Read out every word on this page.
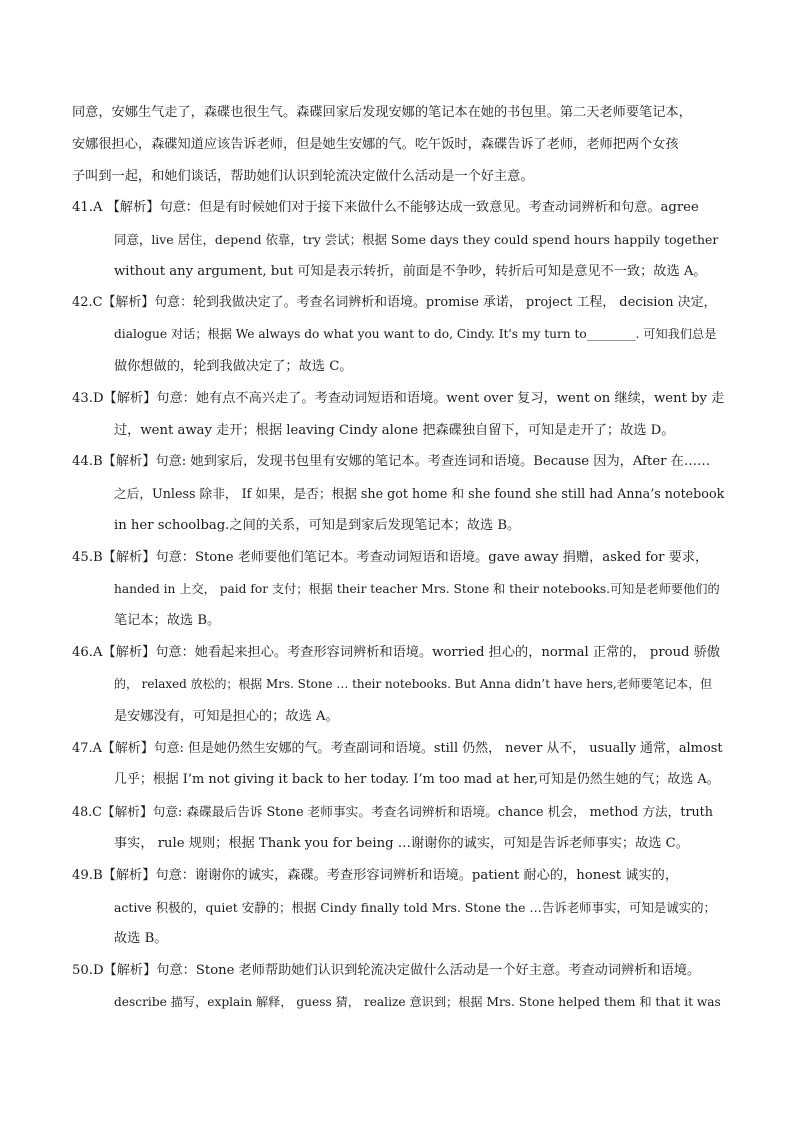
同意，安娜生气走了，森碟也很生气。森碟回家后发现安娜的笔记本在她的书包里。第二天老师要笔记本，
安娜很担心，森碟知道应该告诉老师，但是她生安娜的气。吃午饭时，森碟告诉了老师，老师把两个女孩
子叫到一起，和她们谈话，帮助她们认识到轮流决定做什么活动是一个好主意。
41.A 【解析】句意：但是有时候她们对于接下来做什么不能够达成一致意见。考查动词辨析和句意。agree
同意，live 居住，depend 依靠，try 尝试；根据 Some days they could spend hours happily together
without any argument, but 可知是表示转折，前面是不争吵，转折后可知是意见不一致；故选 A。
42.C【解析】句意：轮到我做决定了。考查名词辨析和语境。promise 承诺， project 工程， decision 决定，
dialogue 对话；根据 We always do what you want to do, Cindy. It's my turn to________. 可知我们总是
做你想做的，轮到我做决定了；故选 C。
43.D【解析】句意：她有点不高兴走了。考查动词短语和语境。went over 复习，went on 继续，went by 走
过，went away 走开；根据 leaving Cindy alone 把森碟独自留下，可知是走开了；故选 D。
44.B【解析】句意: 她到家后，发现书包里有安娜的笔记本。考查连词和语境。Because 因为，After 在……
之后，Unless 除非， If 如果，是否；根据 she got home 和 she found she still had Anna’s notebook
in her schoolbag.之间的关系，可知是到家后发现笔记本；故选 B。
45.B【解析】句意：Stone 老师要他们笔记本。考查动词短语和语境。gave away 捐赠，asked for 要求，
handed in 上交， paid for 支付；根据 their teacher Mrs. Stone 和 their notebooks.可知是老师要他们的
笔记本；故选 B。
46.A【解析】句意：她看起来担心。考查形容词辨析和语境。worried 担心的，normal 正常的， proud 骄傲
的， relaxed 放松的；根据 Mrs. Stone … their notebooks. But Anna didn’t have hers,老师要笔记本，但
是安娜没有，可知是担心的；故选 A。
47.A【解析】句意: 但是她仍然生安娜的气。考查副词和语境。still 仍然， never 从不， usually 通常，almost
几乎；根据 I’m not giving it back to her today. I’m too mad at her,可知是仍然生她的气；故选 A。
48.C【解析】句意: 森碟最后告诉 Stone 老师事实。考查名词辨析和语境。chance 机会， method 方法，truth
事实， rule 规则；根据 Thank you for being …谢谢你的诚实，可知是告诉老师事实；故选 C。
49.B【解析】句意：谢谢你的诚实，森碟。考查形容词辨析和语境。patient 耐心的，honest 诚实的，
active 积极的，quiet 安静的；根据 Cindy finally told Mrs. Stone the …告诉老师事实，可知是诚实的；
故选 B。
50.D【解析】句意：Stone 老师帮助她们认识到轮流决定做什么活动是一个好主意。考查动词辨析和语境。
describe 描写，explain 解释， guess 猜， realize 意识到；根据 Mrs. Stone helped them 和 that it was
